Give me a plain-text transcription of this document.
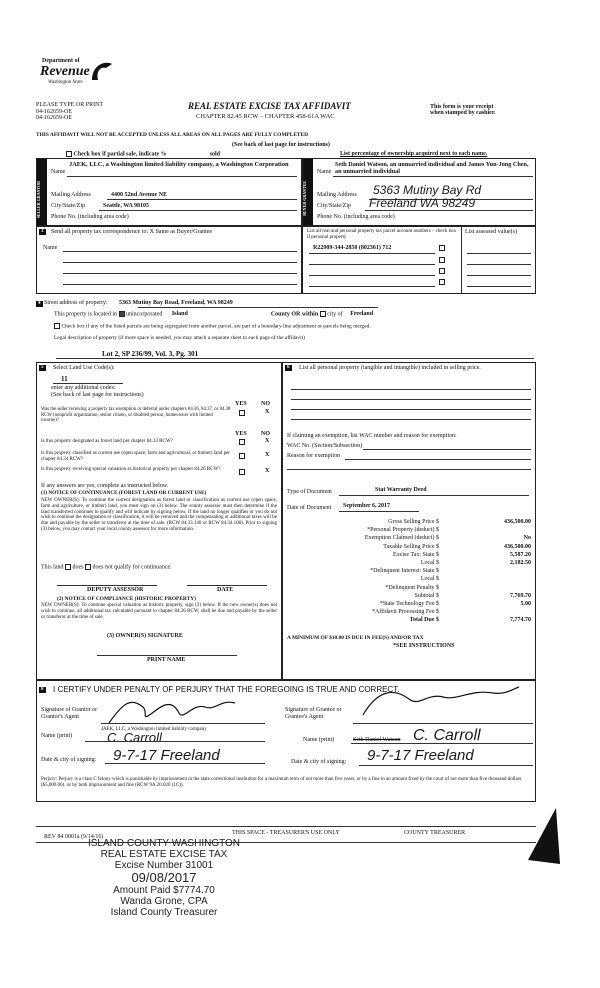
Department of
Revenue
Washington State
PLEASE TYPE OR PRINT
04-162659-OE
04-162659-OE
REAL ESTATE EXCISE TAX AFFIDAVIT
CHAPTER 82.45 RCW – CHAPTER 458-61A WAC
This form is your receipt
when stamped by cashier.
THIS AFFIDAVIT WILL NOT BE ACCEPTED UNLESS ALL AREAS ON ALL PAGES ARE FULLY COMPLETED
(See back of last page for instructions)
Check box if partial sale, indicate %	sold	List percentage of ownership acquired next to each name.
SELLER GRANTOR
Name
JAEK, LLC, a Washington limited liability company, a Washington Corporation
Mailing Address	4400 52nd Avenue NE
City/State/Zip	Seattle, WA 98105
Phone No. (including area code)
BUYER GRANTEE
Name
Seth Daniel Watson, an unmarried individual and James Yun-Jong Chen, an unmarried individual
Mailing Address 5363 Mutiny Bay Rd
City/State/Zip Freeland WA 98249
Phone No. (including area code)
3	Send all property tax correspondence to: X Same as Buyer/Grantee
Name
List all real and personal property tax parcel account numbers – check box if personal property
List assessed value(s)
R22909-344-2850 (802361) 712
4 Street address of property: 5363 Mutiny Bay Road, Freeland, WA 98249
This property is located in unincorporated Island	County OR within city of Freeland
Check box if any of the listed parcels are being segregated from another parcel, are part of a boundary line adjustment or parcels being merged.
Legal description of property (if more space is needed, you may attach a separate sheet to each page of the affidavit)
Lot 2, SP 236/99, Vol. 3, Pg. 301
5	Select Land Use Code(s):
11
enter any additional codes:
(See back of last page for instructions)
YES NO
Was the seller receiving a property tax exemption or deferral under chapters 84.36, 84.37, or 84.38 RCW (nonprofit organization, senior citizen, or disabled person, homeowner with limited income)?
X
YES NO
Is this property designated as forest land per chapter 84.33 RCW?	X
Is this property classified as current use (open space, farm and agricultural, or timber) land per chapter 84.34 RCW?
X
Is this property receiving special valuation as historical property per chapter 84.26 RCW?	X
If any answers are yes, complete as instructed below.
(1) NOTICE OF CONTINUANCE (FOREST LAND OR CURRENT USE)
NEW OWNER(S): To continue the current designation as forest land or classification as current use (open space, farm and agriculture, or timber) land, you must sign on (3) below. The county assessor must then determine if the land transferred continues to qualify and will indicate by signing below. If the land no longer qualifies or you do not wish to continue the designation or classification, it will be removed and the compensating or additional taxes will be due and payable by the seller or transferor at the time of sale. (RCW 84.33.140 or RCW 84.34.108). Prior to signing (3) below, you may contact your local county assessor for more information.
This land does does not qualify for continuance.
DEPUTY ASSESSOR	DATE
(2) NOTICE OF COMPLIANCE (HISTORIC PROPERTY)
NEW OWNER(S): To continue special valuation as historic property, sign (3) below. If the new owner(s) does not wish to continue, all additional tax calculated pursuant to chapter 84.26 RCW, shall be due and payable by the seller or transferor at the time of sale.
(3) OWNER(S) SIGNATURE
PRINT NAME
6	List all personal property (tangible and intangible) included in selling price.
If claiming an exemption, list WAC number and reason for exemption:
WAC No. (Section/Subsection)
Reason for exemption
Type of Document	Stat Warranty Deed
Date of Document September 6, 2017
Gross Selling Price $	436,500.00
*Personal Property (deduct) $
Exemption Claimed (deduct) $	No
Taxable Selling Price $	436,500.00
Excise Tax: State $	5,587.20
Local $	2,182.50
*Delinquent Interest: State $
Local $
*Delinquent Penalty $
Subtotal $	7,769.70
*State Technology Fee $	5.00
*Affidavit Processing Fee $
Total Due $	7,774.70
A MINIMUM OF $10.00 IS DUE IN FEE(S) AND/OR TAX
*SEE INSTRUCTIONS
8 I CERTIFY UNDER PENALTY OF PERJURY THAT THE FOREGOING IS TRUE AND CORRECT.
Signature of Grantor or Grantor's Agent
Signature of Grantee or Grantee's Agent
Name (print)
JAEK, LLC, a Washington limited liability company
C. Carroll	Name (print)	Seth Daniel Watson C. Carroll
Date & city of signing: 9-7-17 Freeland	Date & city of signing: 9-7-17 Freeland
Perjury: Perjury is a class C felony which is punishable by imprisonment in the state correctional institution for a maximum term of not more than five years, or by a fine in an amount fixed by the court of not more than five thousand dollars ($5,000.00), or by both imprisonment and fine (RCW 9A.20.020 (1C)).
REV 84 0001a (9/14/16)
THIS SPACE - TREASURER'S USE ONLY	COUNTY TREASURER
ISLAND COUNTY WASHINGTON
REAL ESTATE EXCISE TAX
Excise Number 31001
09/08/2017
Amount Paid $7774.70
Wanda Grone, CPA
Island County Treasurer
